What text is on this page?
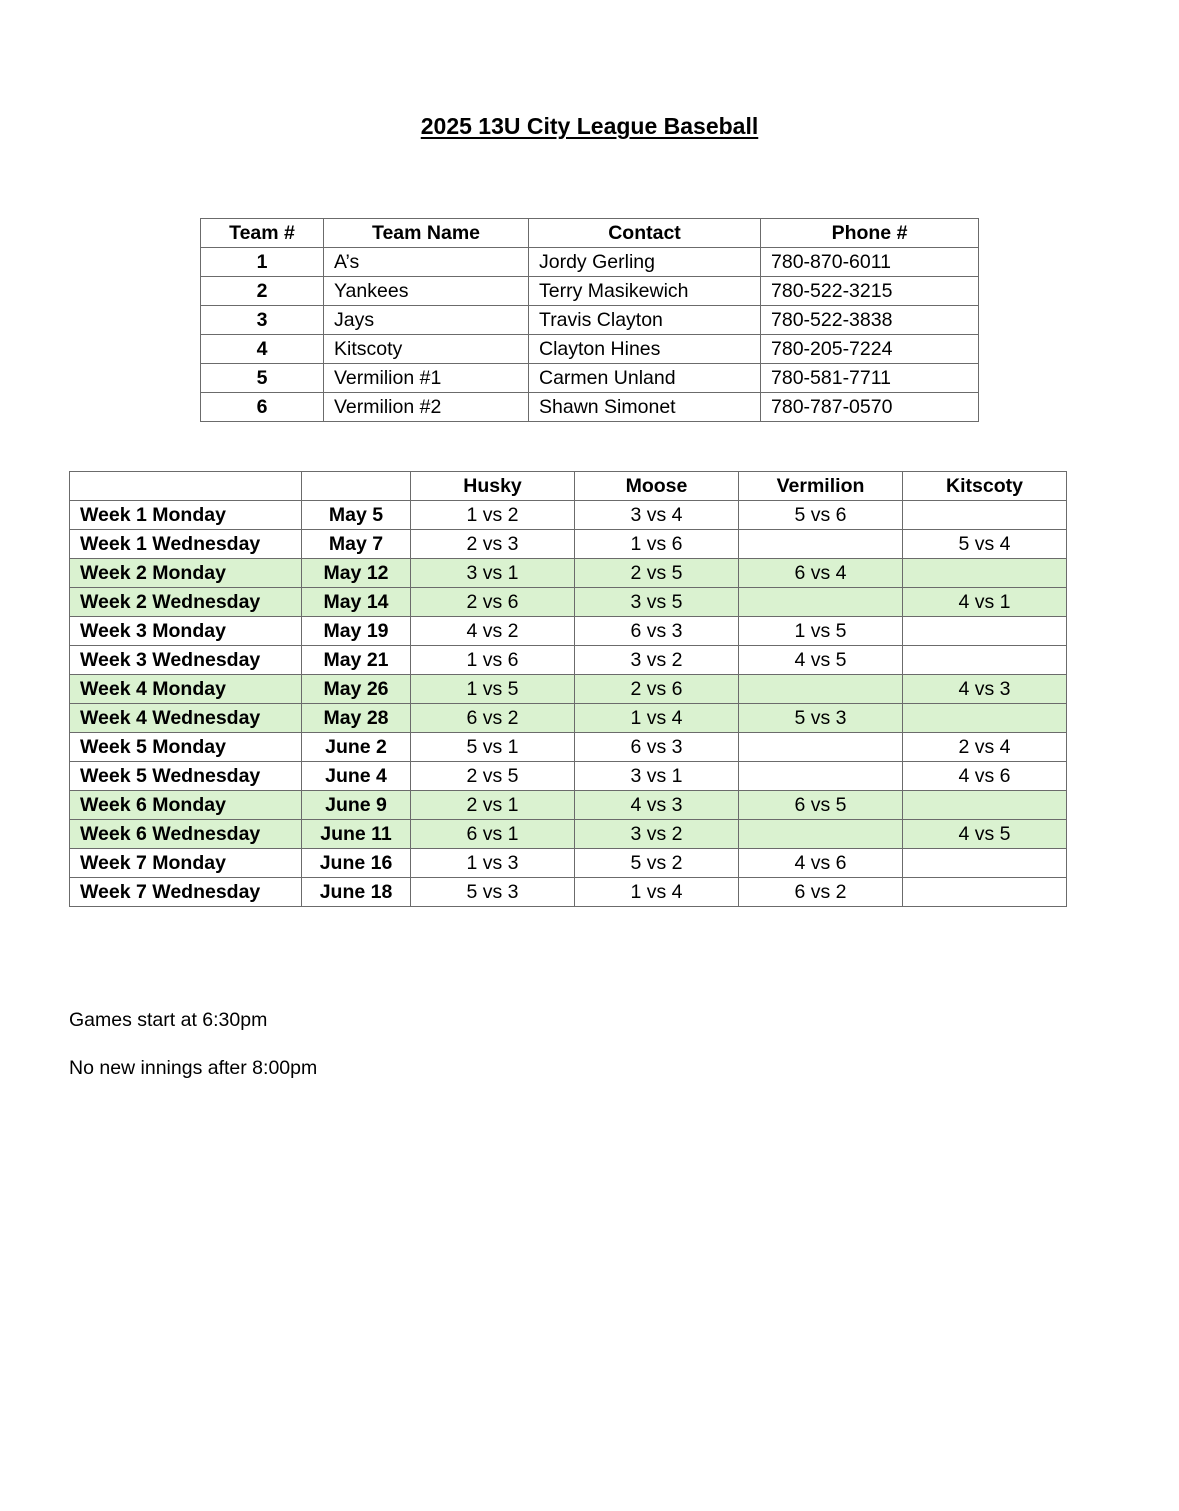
2025 13U City League Baseball
Team #	Team Name	Contact	Phone #
1	A’s	Jordy Gerling	780-870-6011
2	Yankees	Terry Masikewich	780-522-3215
3	Jays	Travis Clayton	780-522-3838
4	Kitscoty	Clayton Hines	780-205-7224
5	Vermilion #1	Carmen Unland	780-581-7711
6	Vermilion #2	Shawn Simonet	780-787-0570
		Husky	Moose	Vermilion	Kitscoty
Week 1 Monday	May 5	1 vs 2	3 vs 4	5 vs 6	
Week 1 Wednesday	May 7	2 vs 3	1 vs 6		5 vs 4
Week 2 Monday	May 12	3 vs 1	2 vs 5	6 vs 4	
Week 2 Wednesday	May 14	2 vs 6	3 vs 5		4 vs 1
Week 3 Monday	May 19	4 vs 2	6 vs 3	1 vs 5	
Week 3 Wednesday	May 21	1 vs 6	3 vs 2	4 vs 5	
Week 4 Monday	May 26	1 vs 5	2 vs 6		4 vs 3
Week 4 Wednesday	May 28	6 vs 2	1 vs 4	5 vs 3	
Week 5 Monday	June 2	5 vs 1	6 vs 3		2 vs 4
Week 5 Wednesday	June 4	2 vs 5	3 vs 1		4 vs 6
Week 6 Monday	June 9	2 vs 1	4 vs 3	6 vs 5	
Week 6 Wednesday	June 11	6 vs 1	3 vs 2		4 vs 5
Week 7 Monday	June 16	1 vs 3	5 vs 2	4 vs 6	
Week 7 Wednesday	June 18	5 vs 3	1 vs 4	6 vs 2	
Games start at 6:30pm
No new innings after 8:00pm
